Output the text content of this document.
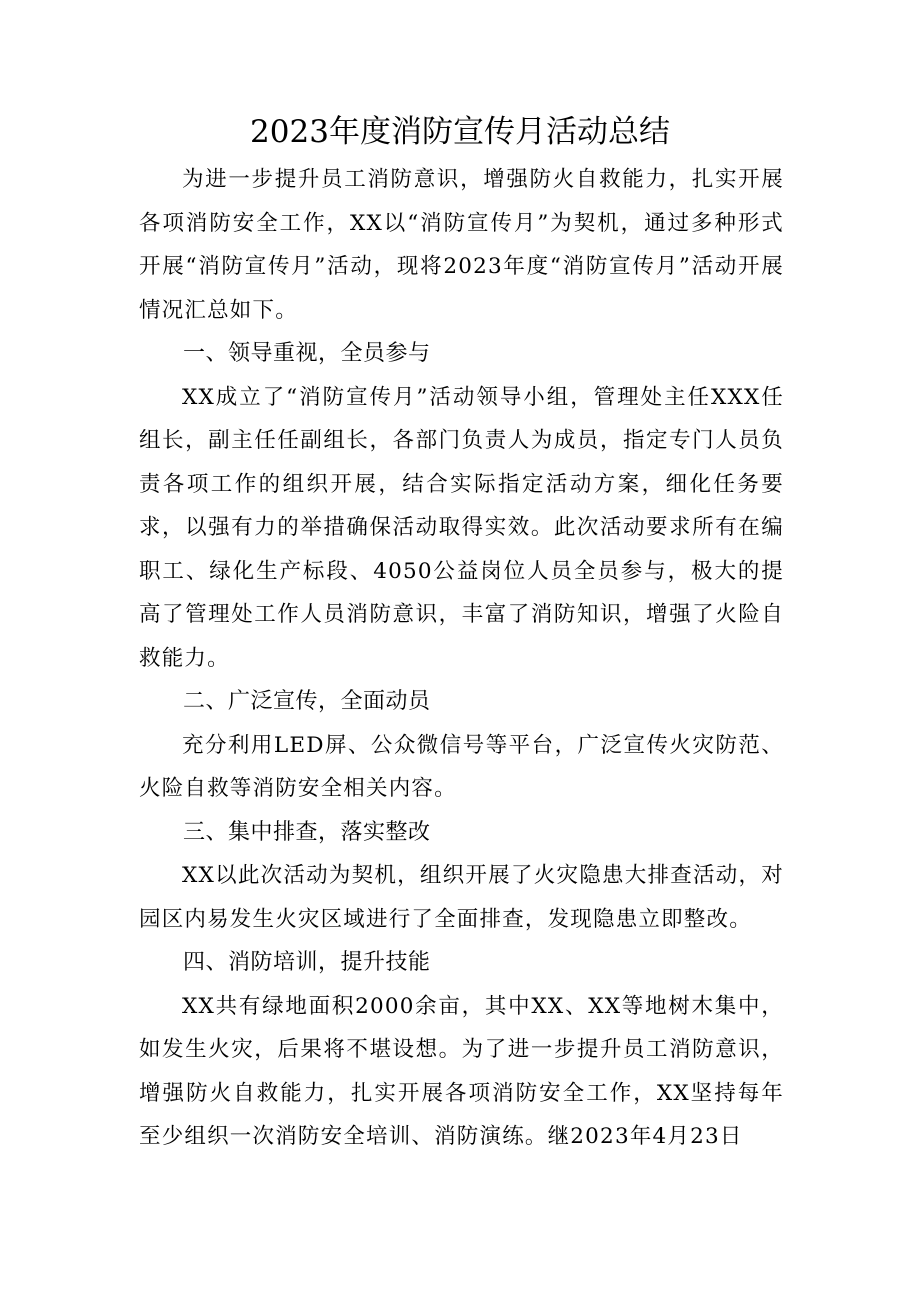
2023年度消防宣传月活动总结

为进一步提升员工消防意识，增强防火自救能力，扎实开展各项消防安全工作，XX以“消防宣传月”为契机，通过多种形式开展“消防宣传月”活动，现将2023年度“消防宣传月”活动开展情况汇总如下。

一、领导重视，全员参与

XX成立了“消防宣传月”活动领导小组，管理处主任XXX任组长，副主任任副组长，各部门负责人为成员，指定专门人员负责各项工作的组织开展，结合实际指定活动方案，细化任务要求，以强有力的举措确保活动取得实效。此次活动要求所有在编职工、绿化生产标段、4050公益岗位人员全员参与，极大的提高了管理处工作人员消防意识，丰富了消防知识，增强了火险自救能力。

二、广泛宣传，全面动员

充分利用LED屏、公众微信号等平台，广泛宣传火灾防范、火险自救等消防安全相关内容。

三、集中排查，落实整改

XX以此次活动为契机，组织开展了火灾隐患大排查活动，对园区内易发生火灾区域进行了全面排查，发现隐患立即整改。

四、消防培训，提升技能

XX共有绿地面积2000余亩，其中XX、XX等地树木集中，如发生火灾，后果将不堪设想。为了进一步提升员工消防意识，增强防火自救能力，扎实开展各项消防安全工作，XX坚持每年至少组织一次消防安全培训、消防演练。继2023年4月23日
